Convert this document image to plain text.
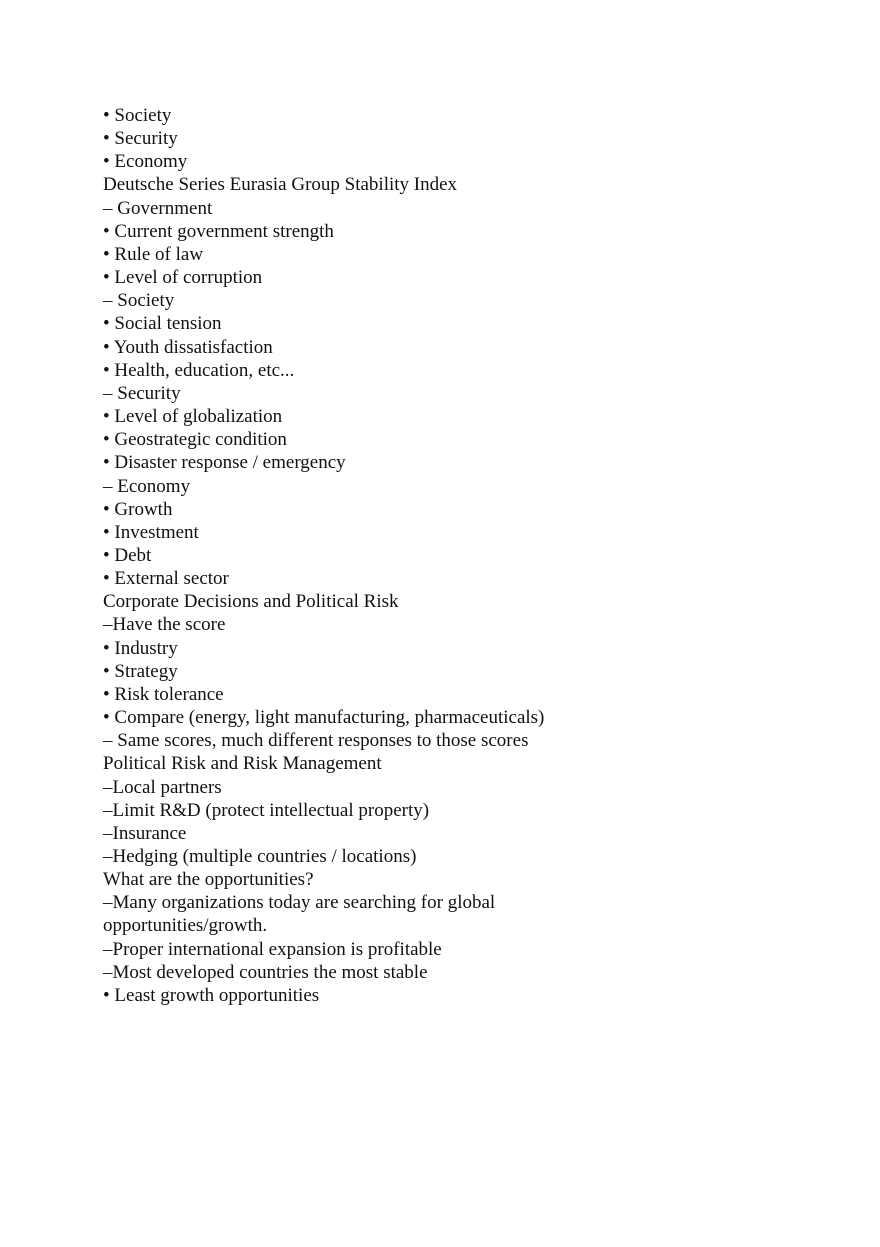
• Society
• Security
• Economy
Deutsche Series Eurasia Group Stability Index
– Government
• Current government strength
• Rule of law
• Level of corruption
– Society
• Social tension
• Youth dissatisfaction
• Health, education, etc...
– Security
• Level of globalization
• Geostrategic condition
• Disaster response / emergency
– Economy
• Growth
• Investment
• Debt
• External sector
Corporate Decisions and Political Risk
–Have the score
• Industry
• Strategy
• Risk tolerance
• Compare (energy, light manufacturing, pharmaceuticals)
– Same scores, much different responses to those scores
Political Risk and Risk Management
–Local partners
–Limit R&D (protect intellectual property)
–Insurance
–Hedging (multiple countries / locations)
What are the opportunities?
–Many organizations today are searching for global
opportunities/growth.
–Proper international expansion is profitable
–Most developed countries the most stable
• Least growth opportunities
